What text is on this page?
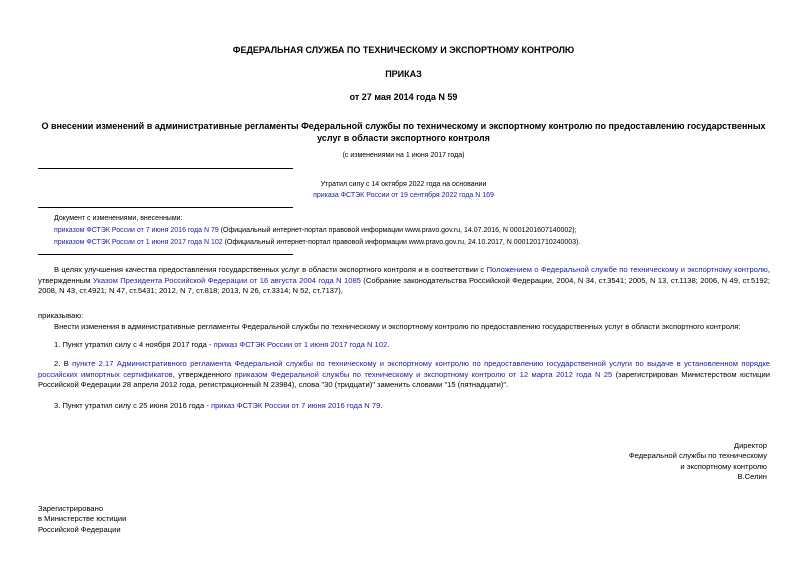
ФЕДЕРАЛЬНАЯ СЛУЖБА ПО ТЕХНИЧЕСКОМУ И ЭКСПОРТНОМУ КОНТРОЛЮ
ПРИКАЗ
от 27 мая 2014 года N 59
О внесении изменений в административные регламенты Федеральной службы по техническому и экспортному контролю по предоставлению государственных
услуг в области экспортного контроля
(с изменениями на 1 июня 2017 года)
Утратил силу с 14 октября 2022 года на основании
приказа ФСТЭК России от 19 сентября 2022 года N 169
Документ с изменениями, внесенными:
приказом ФСТЭК России от 7 июня 2016 года N 79 (Официальный интернет-портал правовой информации www.pravo.gov.ru, 14.07.2016, N 0001201607140002);
приказом ФСТЭК России от 1 июня 2017 года N 102 (Официальный интернет-портал правовой информации www.pravo.gov.ru, 24.10.2017, N 0001201710240003).
В целях улучшения качества предоставления государственных услуг в области экспортного контроля и в соответствии с Положением о Федеральной службе по техническому и экспортному контролю, утвержденным Указом Президента Российской Федерации от 16 августа 2004 года N 1085 (Собрание законодательства Российской Федерации, 2004, N 34, ст.3541; 2005, N 13, ст.1138; 2006, N 49, ст.5192; 2008, N 43, ст.4921; N 47, ст.5431; 2012, N 7, ст.818; 2013, N 26, ст.3314; N 52, ст.7137),
приказываю:
Внести изменения в административные регламенты Федеральной службы по техническому и экспортному контролю по предоставлению государственных услуг в области экспортного контроля:
1. Пункт утратил силу с 4 ноября 2017 года - приказ ФСТЭК России от 1 июня 2017 года N 102.
2. В пункте 2.17 Административного регламента Федеральной службы по техническому и экспортному контролю по предоставлению государственной услуги по выдаче в установленном порядке российских импортных сертификатов, утвержденного приказом Федеральной службы по техническому и экспортному контролю от 12 марта 2012 года N 25 (зарегистрирован Министерством юстиции Российской Федерации 28 апреля 2012 года, регистрационный N 23984), слова "30 (тридцати)" заменить словами "15 (пятнадцати)".
3. Пункт утратил силу с 25 июня 2016 года - приказ ФСТЭК России от 7 июня 2016 года N 79.
Директор
Федеральной службы по техническому
и экспортному контролю
В.Селин
Зарегистрировано
в Министерстве юстиции
Российской Федерации
